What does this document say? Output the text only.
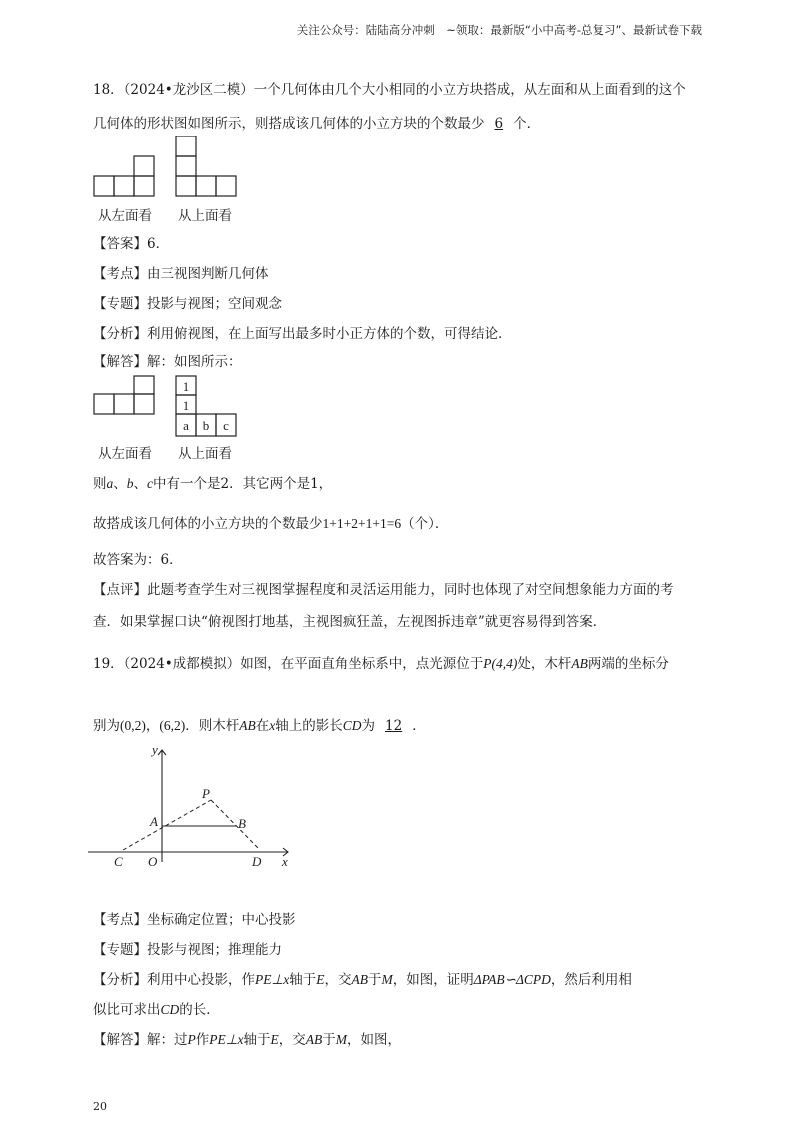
关注公众号：陆陆高分冲刺　~领取：最新版“小中高考-总复习”、最新试卷下载
18．（2024•龙沙区二模）一个几何体由几个大小相同的小立方块搭成，从左面和从上面看到的这个
几何体的形状图如图所示，则搭成该几何体的小立方块的个数最少 6 个．
从左面看 从上面看
【答案】6．
【考点】由三视图判断几何体
【专题】投影与视图；空间观念
【分析】利用俯视图，在上面写出最多时小正方体的个数，可得结论．
【解答】解：如图所示：
1
1
a b c
从左面看 从上面看
则a、b、c中有一个是2．其它两个是1，
故搭成该几何体的小立方块的个数最少1+1+2+1+1=6（个）．
故答案为：6．
【点评】此题考查学生对三视图掌握程度和灵活运用能力，同时也体现了对空间想象能力方面的考
查．如果掌握口诀“俯视图打地基，主视图疯狂盖，左视图拆违章”就更容易得到答案．
19．（2024•成都模拟）如图，在平面直角坐标系中，点光源位于P(4,4)处，木杆AB两端的坐标分
别为(0,2)，(6,2)．则木杆AB在x轴上的影长CD为 12 ．
y
x
P
A	B
C O	D
【考点】坐标确定位置；中心投影
【专题】投影与视图；推理能力
【分析】利用中心投影，作PE⊥x轴于E，交AB于M，如图，证明ΔPAB∽ΔCPD，然后利用相
似比可求出CD的长．
【解答】解：过P作PE⊥x轴于E，交AB于M，如图，
20
